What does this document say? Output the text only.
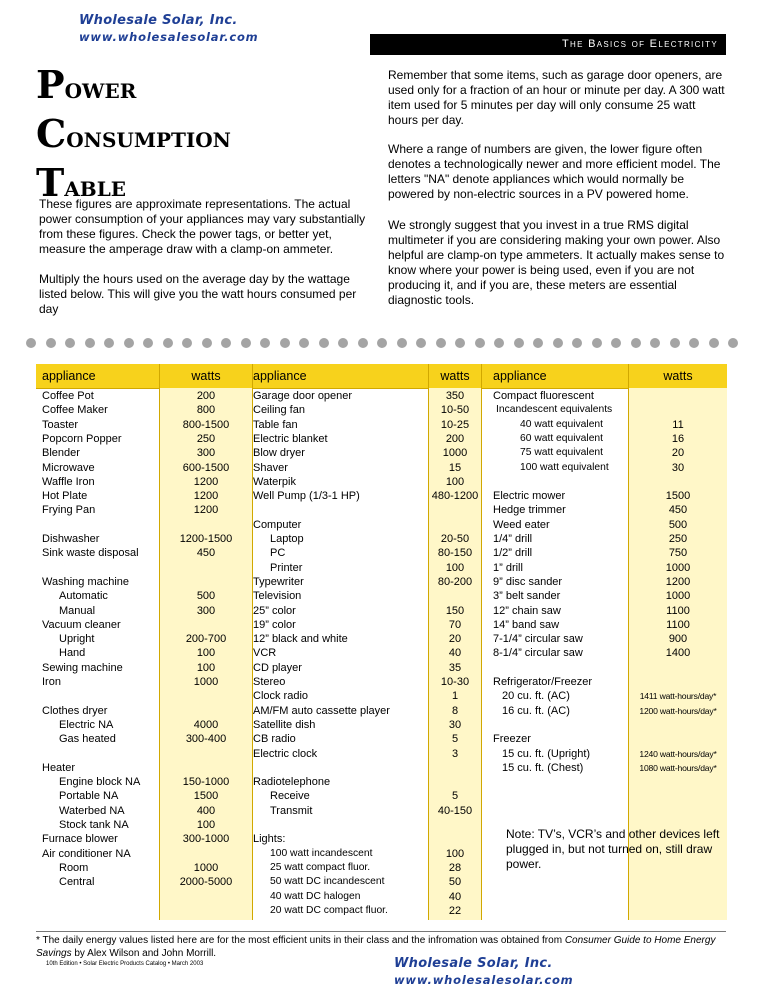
Wholesale Solar, Inc.
www.wholesalesolar.com	The Basics of Electricity
Power
Consumption
Table
These figures are approximate representations. The actual power consumption of your appliances may vary substantially from these figures. Check the power tags, or better yet, measure the amperage draw with a clamp-on ammeter.
Multiply the hours used on the average day by the wattage listed below. This will give you the watt hours consumed per day
Remember that some items, such as garage door openers, are used only for a fraction of an hour or minute per day. A 300 watt item used for 5 minutes per day will only consume 25 watt hours per day.
Where a range of numbers are given, the lower figure often denotes a technologically newer and more efficient model. The letters "NA" denote appliances which would normally be powered by non-electric sources in a PV powered home.
We strongly suggest that you invest in a true RMS digital multimeter if you are considering making your own power. Also helpful are clamp-on type ammeters. It actually makes sense to know where your power is being used, even if you are not producing it, and if you are, these meters are essential diagnostic tools.
appliance	watts	appliance	watts	appliance	watts
Coffee Pot	200
Coffee Maker	800
Toaster	800-1500
Popcorn Popper	250
Blender	300
Microwave	600-1500
Waffle Iron	1200
Hot Plate	1200
Frying Pan	1200
Dishwasher	1200-1500
Sink waste disposal	450
Washing machine
Automatic	500
Manual	300
Vacuum cleaner
Upright	200-700
Hand	100
Sewing machine	100
Iron	1000
Clothes dryer
Electric NA	4000
Gas heated	300-400
Heater
Engine block NA	150-1000
Portable NA	1500
Waterbed NA	400
Stock tank NA	100
Furnace blower	300-1000
Air conditioner NA
Room	1000
Central	2000-5000
Garage door opener	350
Ceiling fan	10-50
Table fan	10-25
Electric blanket	200
Blow dryer	1000
Shaver	15
Waterpik	100
Well Pump (1/3-1 HP)	480-1200
Computer
Laptop	20-50
PC	80-150
Printer	100
Typewriter	80-200
Television
25” color	150
19” color	70
12” black and white	20
VCR	40
CD player	35
Stereo	10-30
Clock radio	1
AM/FM auto cassette player	8
Satellite dish	30
CB radio	5
Electric clock	3
Radiotelephone
Receive	5
Transmit	40-150
Lights:
100 watt incandescent	100
25 watt compact fluor.	28
50 watt DC incandescent	50
40 watt DC halogen	40
20 watt DC compact fluor.	22
Compact fluorescent
Incandescent equivalents
40 watt equivalent	11
60 watt equivalent	16
75 watt equivalent	20
100 watt equivalent	30
Electric mower	1500
Hedge trimmer	450
Weed eater	500
1/4” drill	250
1/2” drill	750
1” drill	1000
9” disc sander	1200
3” belt sander	1000
12” chain saw	1100
14” band saw	1100
7-1/4” circular saw	900
8-1/4” circular saw	1400
Refrigerator/Freezer
20 cu. ft. (AC)	1411 watt-hours/day*
16 cu. ft. (AC)	1200 watt-hours/day*
Freezer
15 cu. ft. (Upright)	1240 watt-hours/day*
15 cu. ft. (Chest)	1080 watt-hours/day*
Note: TV’s, VCR’s and other devices left plugged in, but not turned on, still draw power.
* The daily energy values listed here are for the most efficient units in their class and the infromation was obtained from Consumer Guide to Home Energy Savings by Alex Wilson and John Morrill.
10th Edition • Solar Electric Products Catalog • March 2003	Wholesale Solar, Inc.
www.wholesalesolar.com
